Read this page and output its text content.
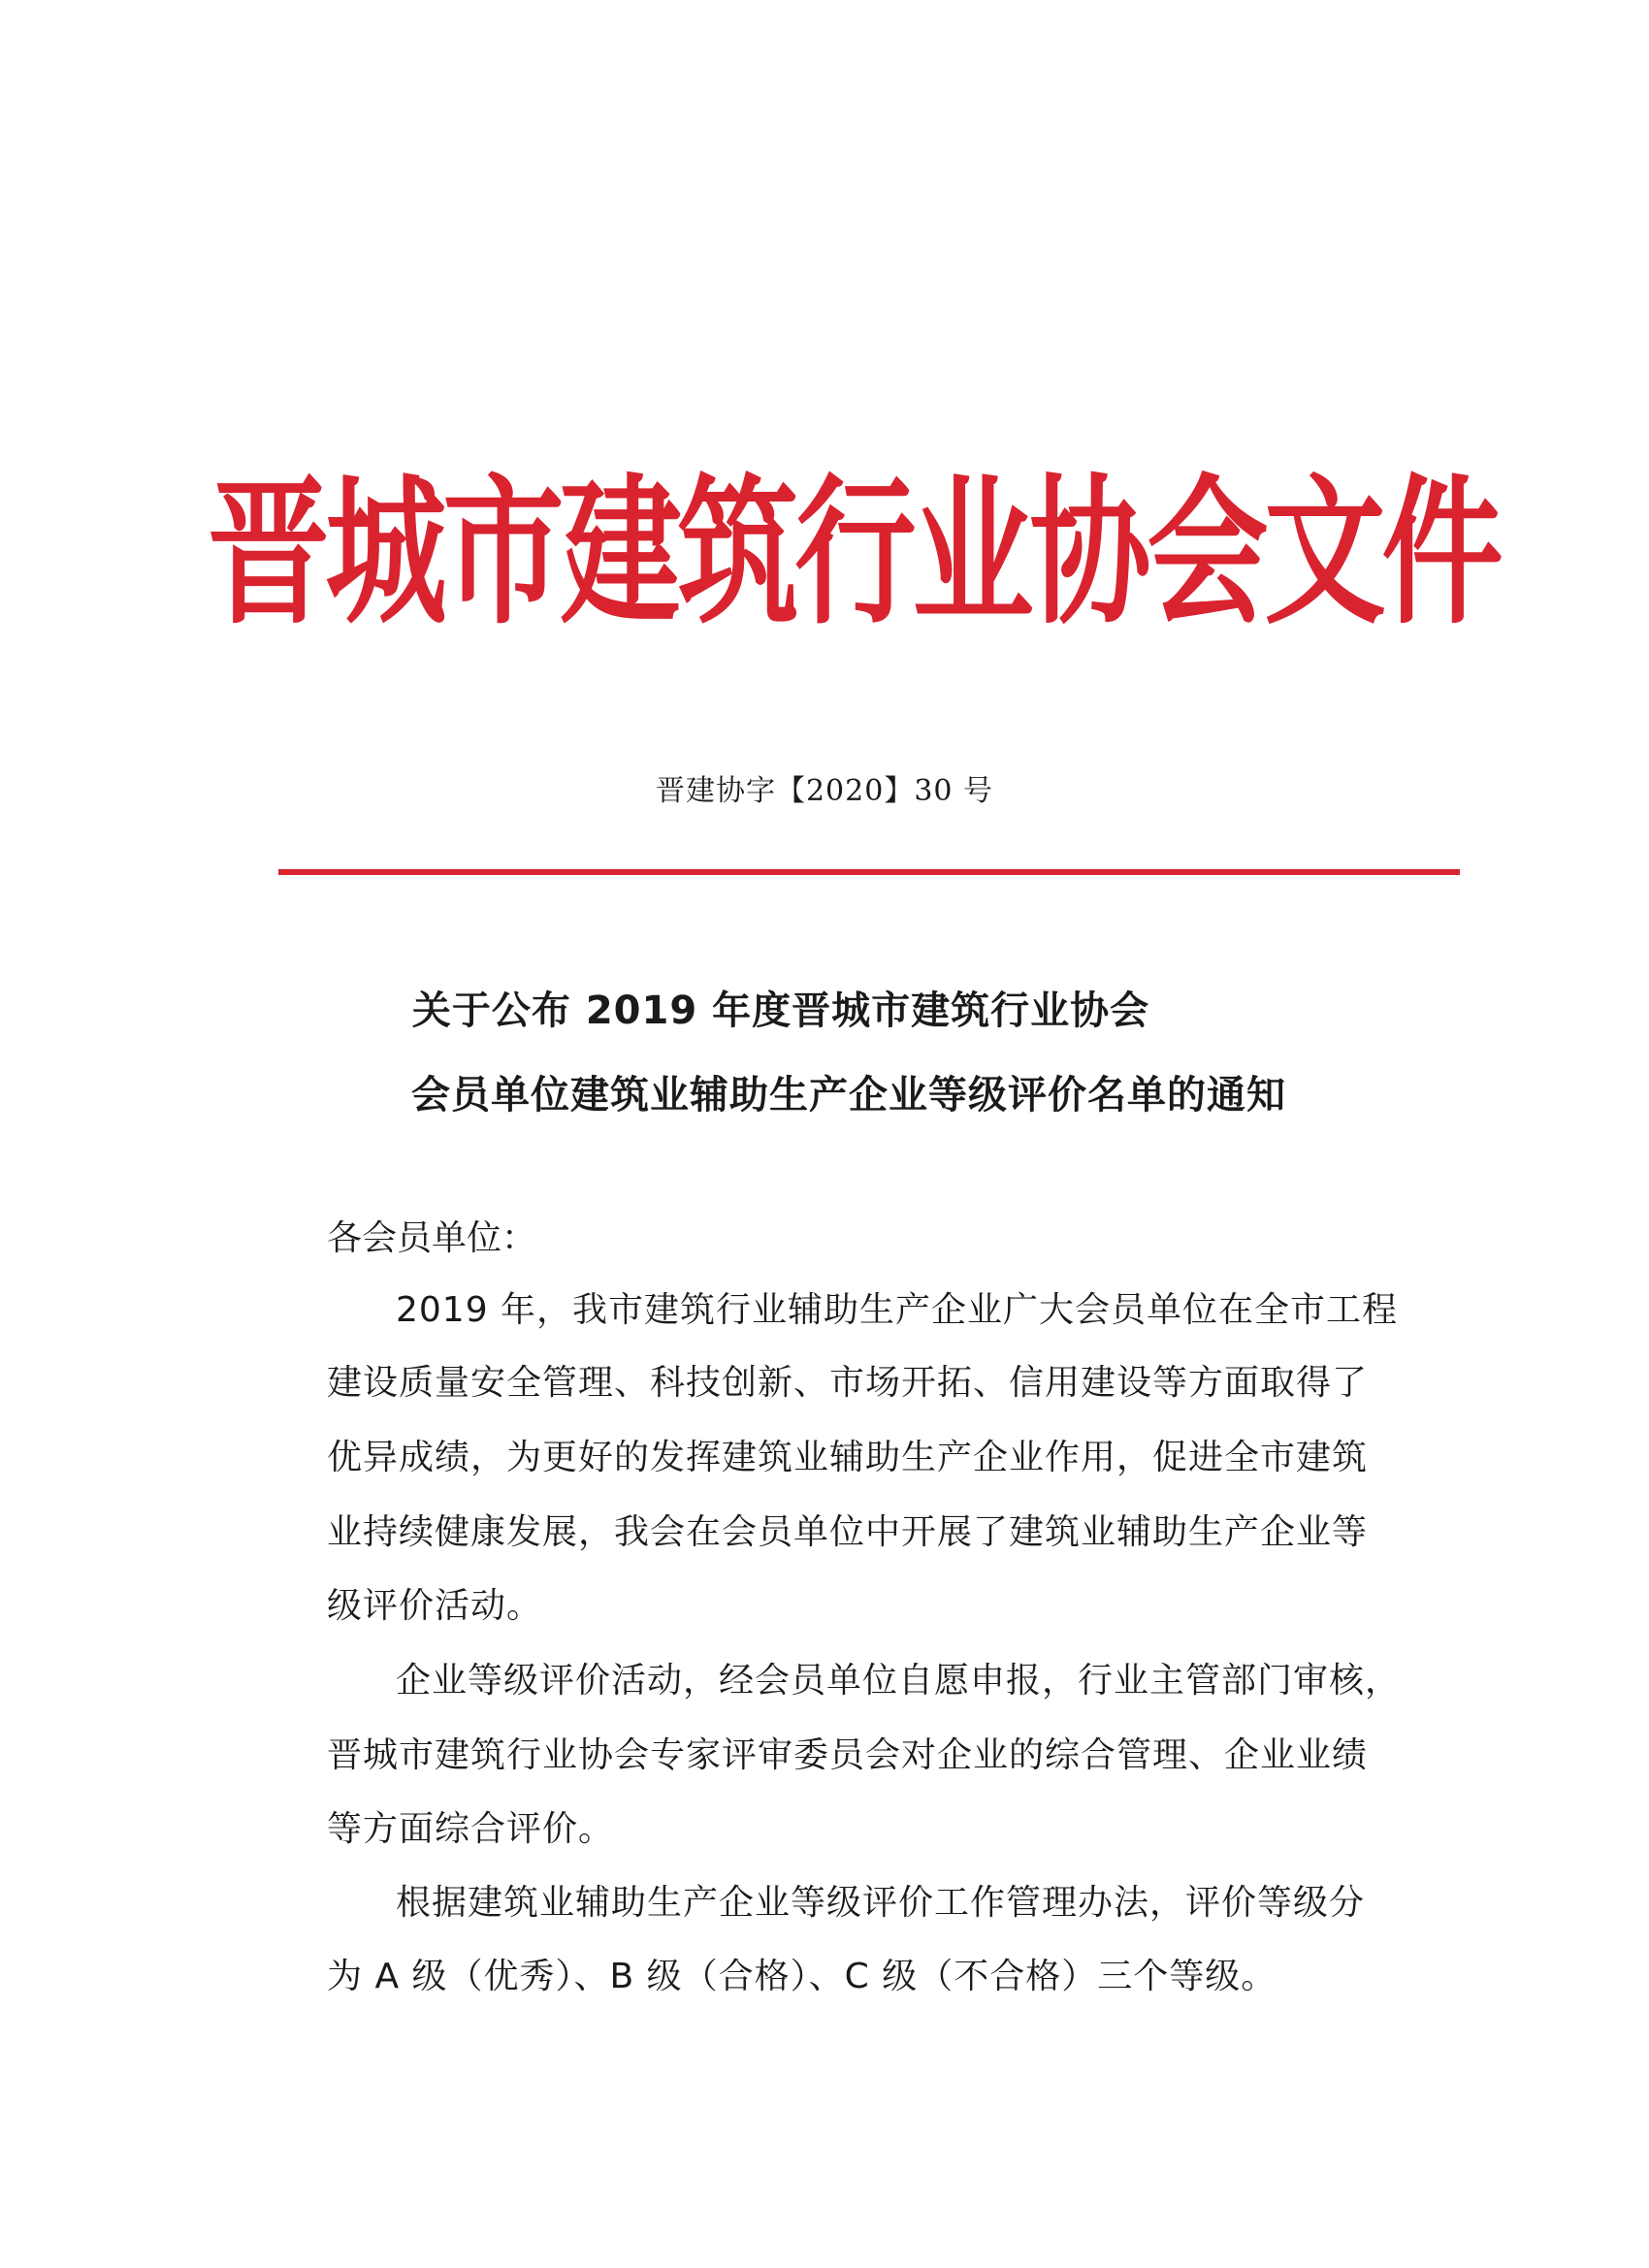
晋城市建筑行业协会文件
晋建协字【2020】30 号
关于公布 2019 年度晋城市建筑行业协会
会员单位建筑业辅助生产企业等级评价名单的通知
各会员单位：
2019 年，我市建筑行业辅助生产企业广大会员单位在全市工程
建设质量安全管理、科技创新、市场开拓、信用建设等方面取得了
优异成绩，为更好的发挥建筑业辅助生产企业作用，促进全市建筑
业持续健康发展，我会在会员单位中开展了建筑业辅助生产企业等
级评价活动。
企业等级评价活动，经会员单位自愿申报，行业主管部门审核，
晋城市建筑行业协会专家评审委员会对企业的综合管理、企业业绩
等方面综合评价。
根据建筑业辅助生产企业等级评价工作管理办法，评价等级分
为 A 级（优秀）、B 级（合格）、C 级（不合格）三个等级。
